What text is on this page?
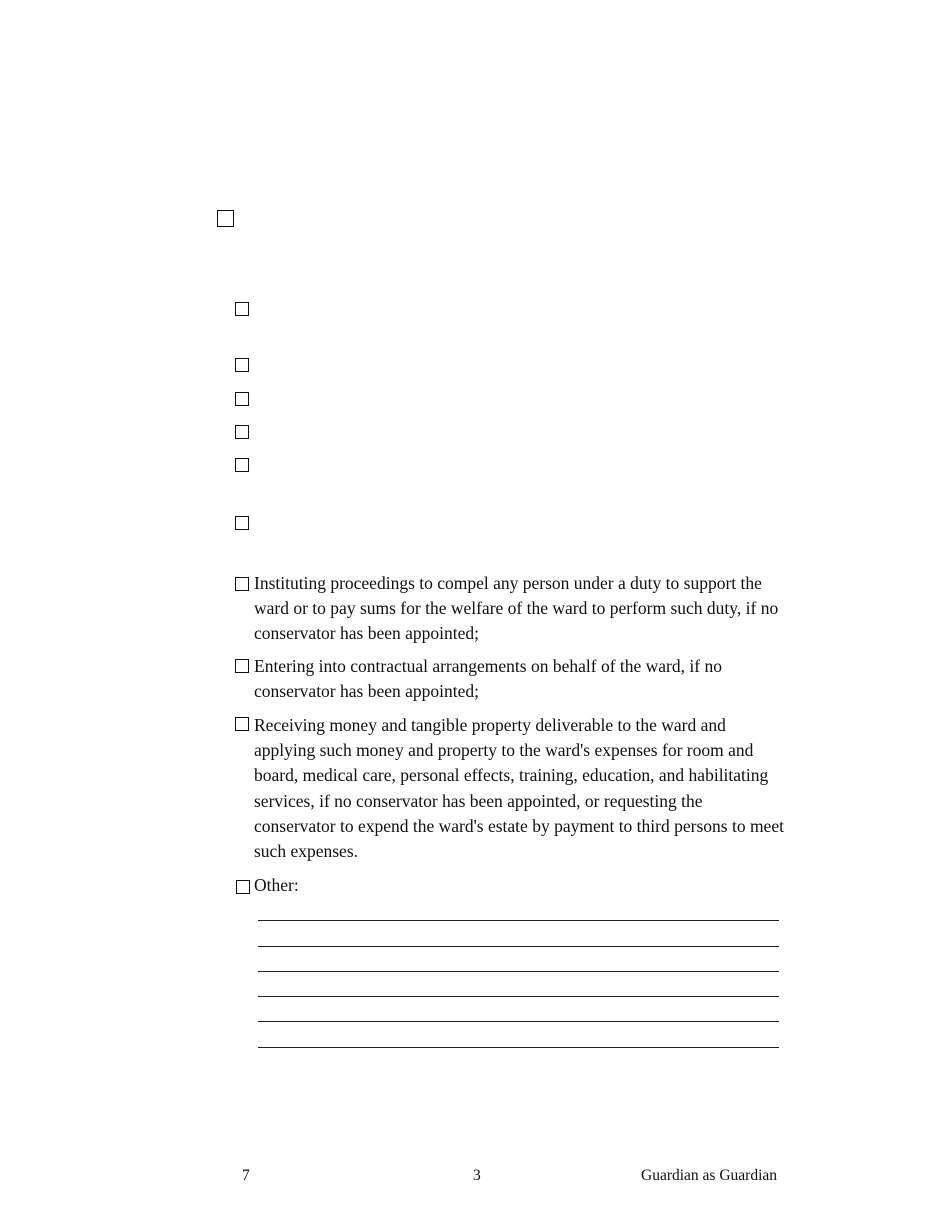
Instituting proceedings to compel any person under a duty to support the ward or to pay sums for the welfare of the ward to perform such duty, if no conservator has been appointed;

Entering into contractual arrangements on behalf of the ward, if no conservator has been appointed;

Receiving money and tangible property deliverable to the ward and applying such money and property to the ward's expenses for room and board, medical care, personal effects, training, education, and habilitating services, if no conservator has been appointed, or requesting the conservator to expend the ward's estate by payment to third persons to meet such expenses.

Other:

7	3	Guardian as Guardian
